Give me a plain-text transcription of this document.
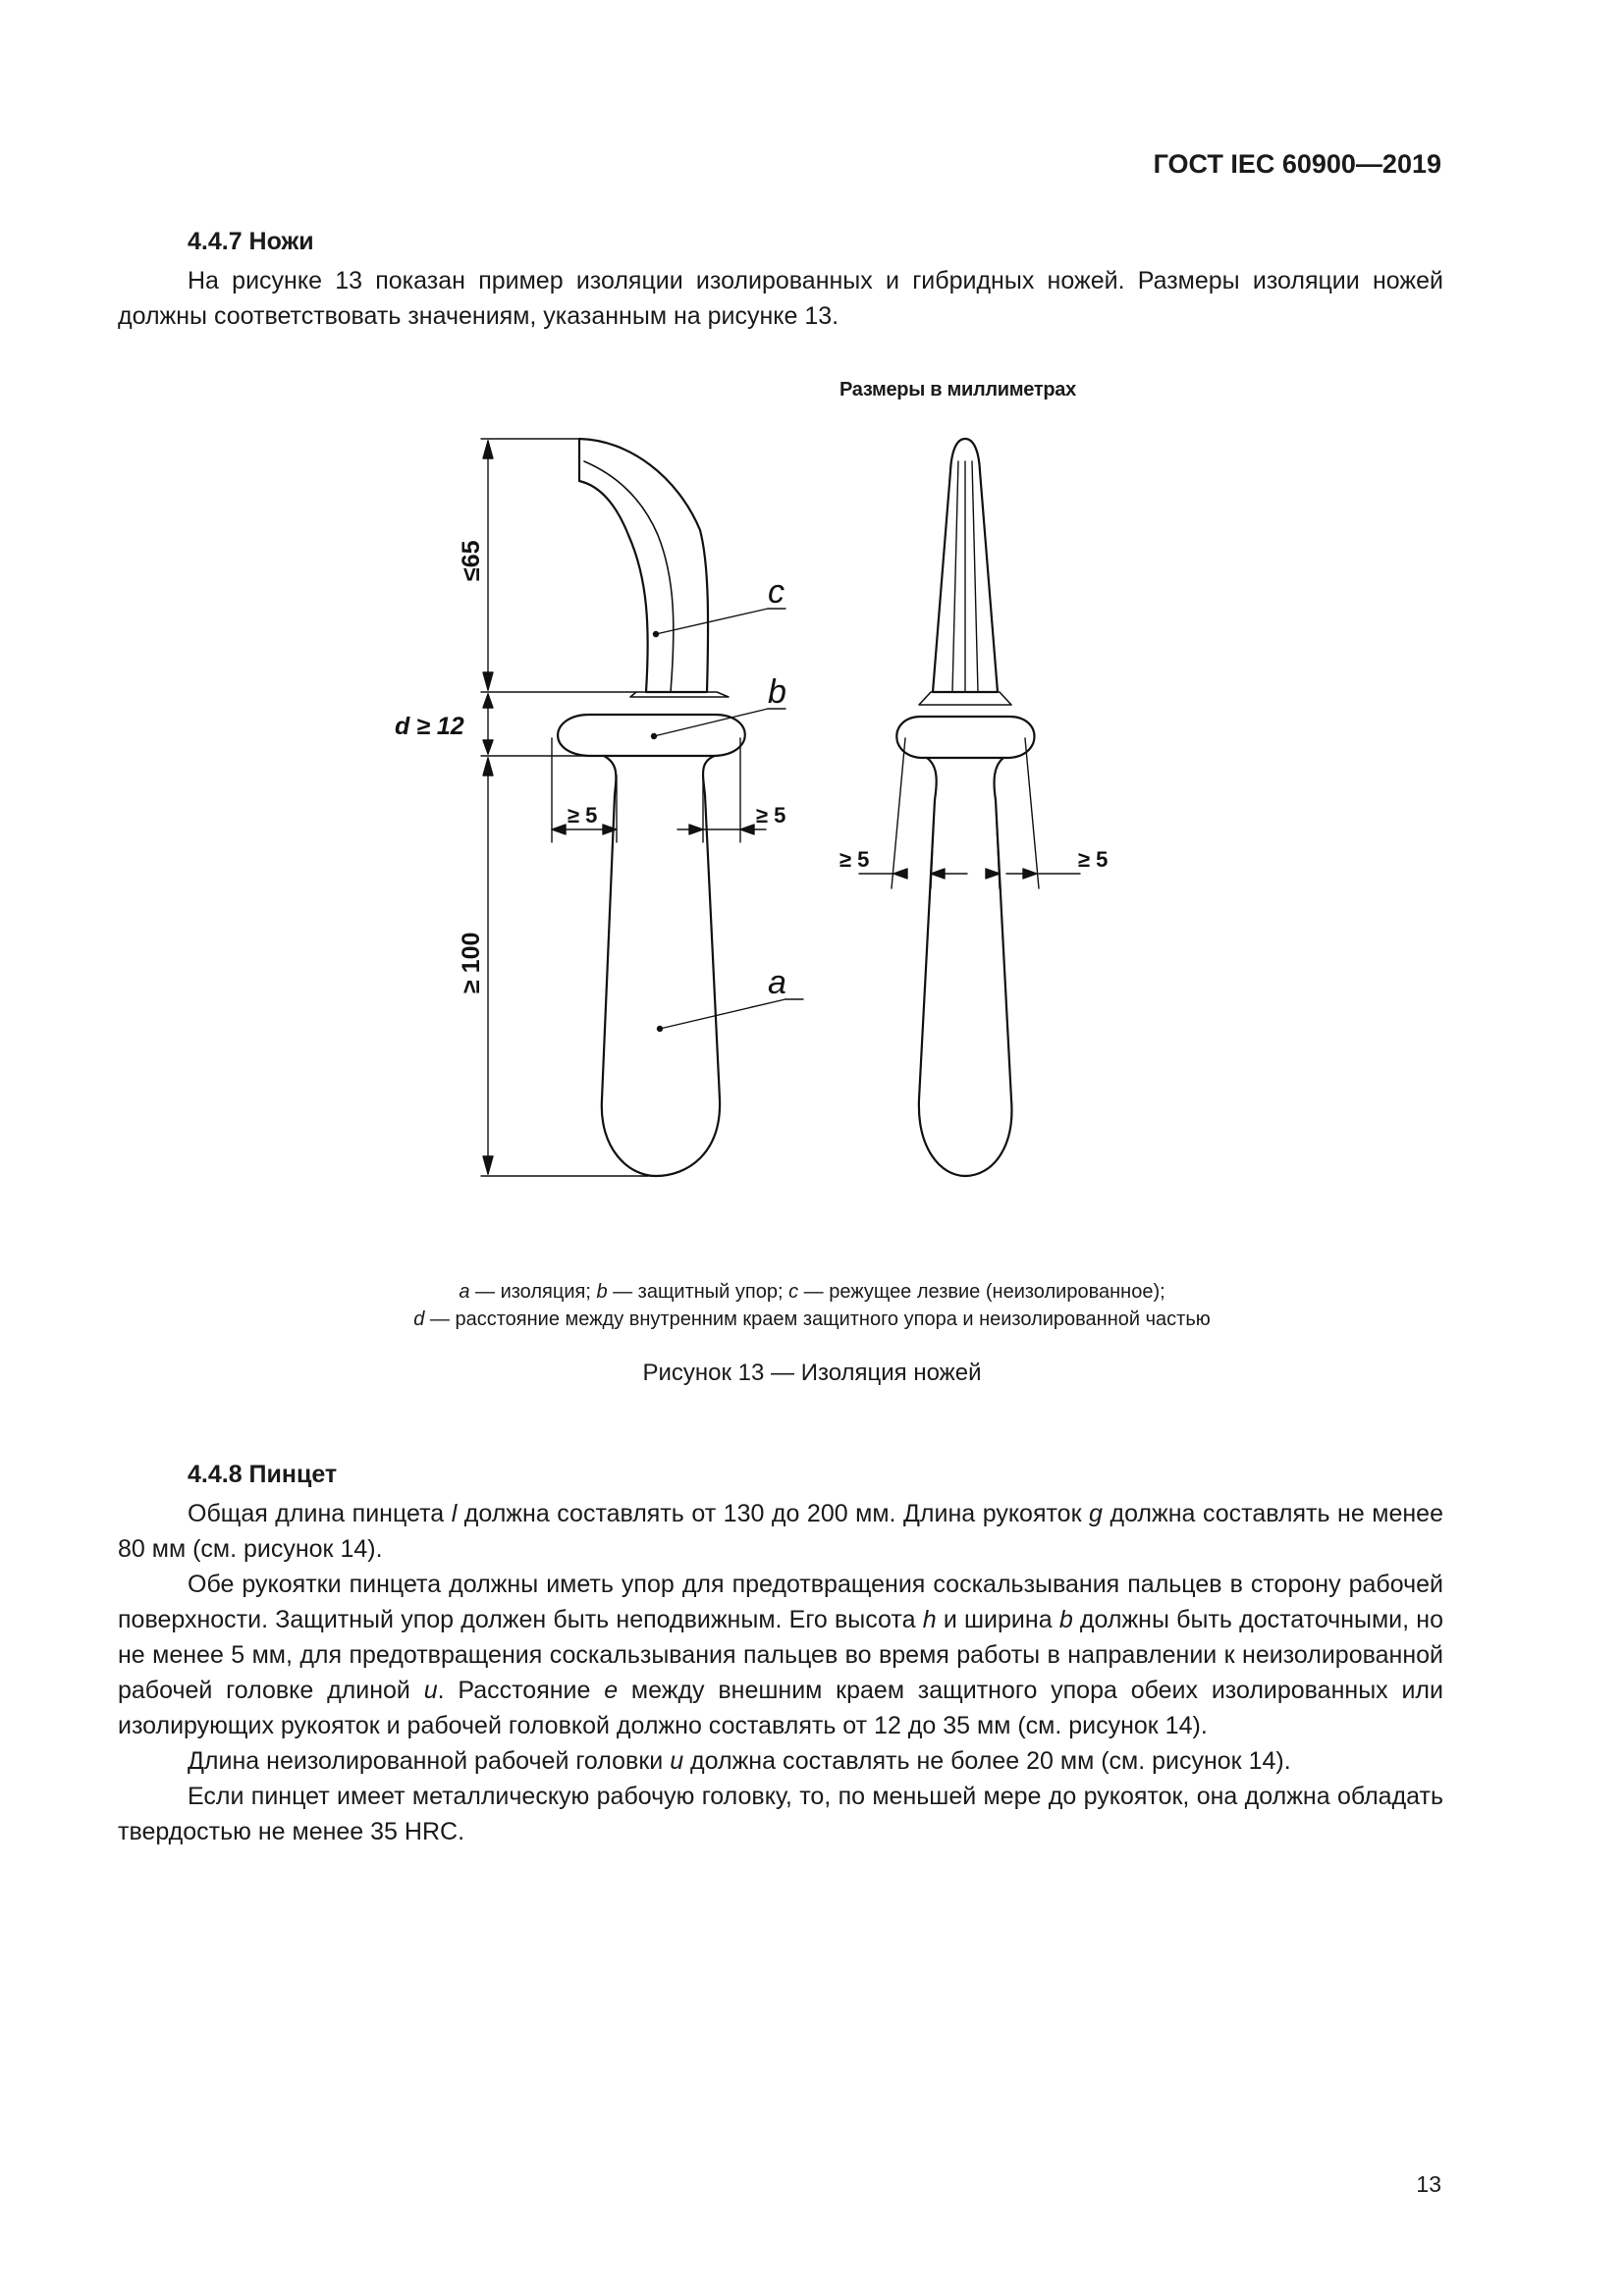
ГОСТ IEC 60900—2019
4.4.7 Ножи
На рисунке 13 показан пример изоляции изолированных и гибридных ножей. Размеры изоляции ножей должны соответствовать значениям, указанным на рисунке 13.
Размеры в миллиметрах
≤65
d ≥ 12
≥ 100
≥ 5	≥ 5
≥ 5	≥ 5
c
b
a
a — изоляция; b — защитный упор; c — режущее лезвие (неизолированное);
d — расстояние между внутренним краем защитного упора и неизолированной частью
Рисунок 13 — Изоляция ножей
4.4.8 Пинцет

Общая длина пинцета l должна составлять от 130 до 200 мм. Длина рукояток g должна составлять не менее 80 мм (см. рисунок 14).

Обе рукоятки пинцета должны иметь упор для предотвращения соскальзывания пальцев в сторону рабочей поверхности. Защитный упор должен быть неподвижным. Его высота h и ширина b должны быть достаточными, но не менее 5 мм, для предотвращения соскальзывания пальцев во время работы в направлении к неизолированной рабочей головке длиной u. Расстояние e между внешним краем защитного упора обеих изолированных или изолирующих рукояток и рабочей головкой должно составлять от 12 до 35 мм (см. рисунок 14).

Длина неизолированной рабочей головки u должна составлять не более 20 мм (см. рисунок 14).

Если пинцет имеет металлическую рабочую головку, то, по меньшей мере до рукояток, она должна обладать твердостью не менее 35 HRC.

13
